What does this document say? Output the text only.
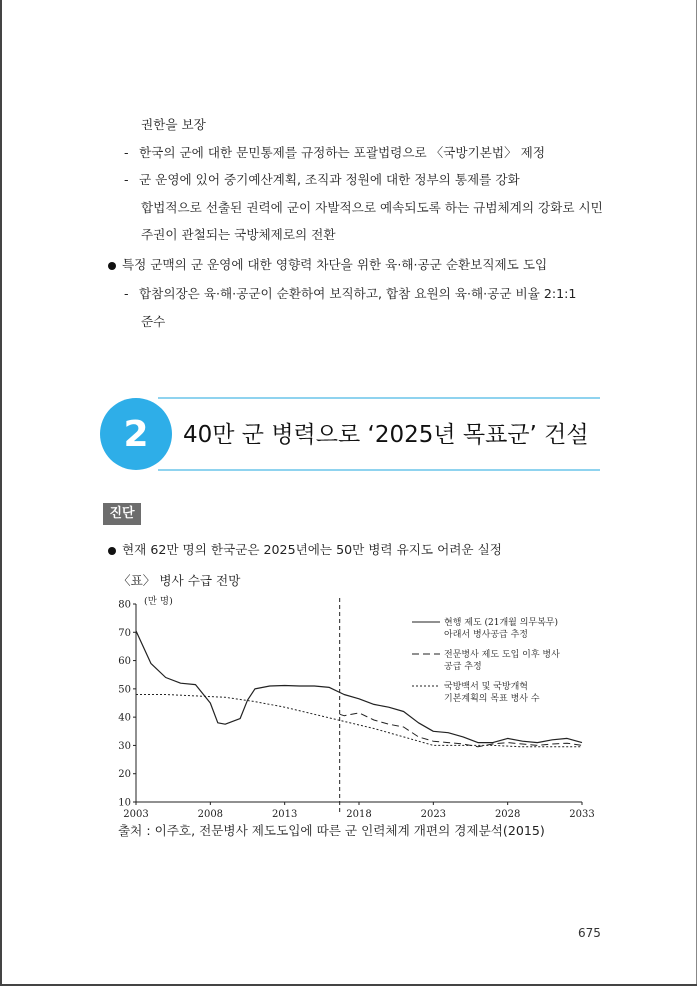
권한을 보장
- 한국의 군에 대한 문민통제를 규정하는 포괄법령으로 〈국방기본법〉 제정
- 군 운영에 있어 중기예산계획, 조직과 정원에 대한 정부의 통제를 강화
합법적으로 선출된 권력에 군이 자발적으로 예속되도록 하는 규범체계의 강화로 시민
주권이 관철되는 국방체제로의 전환
특정 군맥의 군 운영에 대한 영향력 차단을 위한 육·해·공군 순환보직제도 도입
- 합참의장은 육·해·공군이 순환하여 보직하고, 합참 요원의 육·해·공군 비율 2:1:1
준수
2	40만 군 병력으로 ‘2025년 목표군’ 건설
진단
현재 62만 명의 한국군은 2025년에는 50만 병력 유지도 어려운 실정
〈표〉 병사 수급 전망
10
20
30
40
50
60
70
80
2003	2008	2013	2018	2023	2028	2033
(만 명)
현행 제도 (21개월 의무복무)
아래서 병사공급 추정
전문병사 제도 도입 이후 병사
공급 추정
국방백서 및 국방개혁
기본계획의 목표 병사 수
출처 : 이주호, 전문병사 제도도입에 따른 군 인력체계 개편의 경제분석(2015)
675
